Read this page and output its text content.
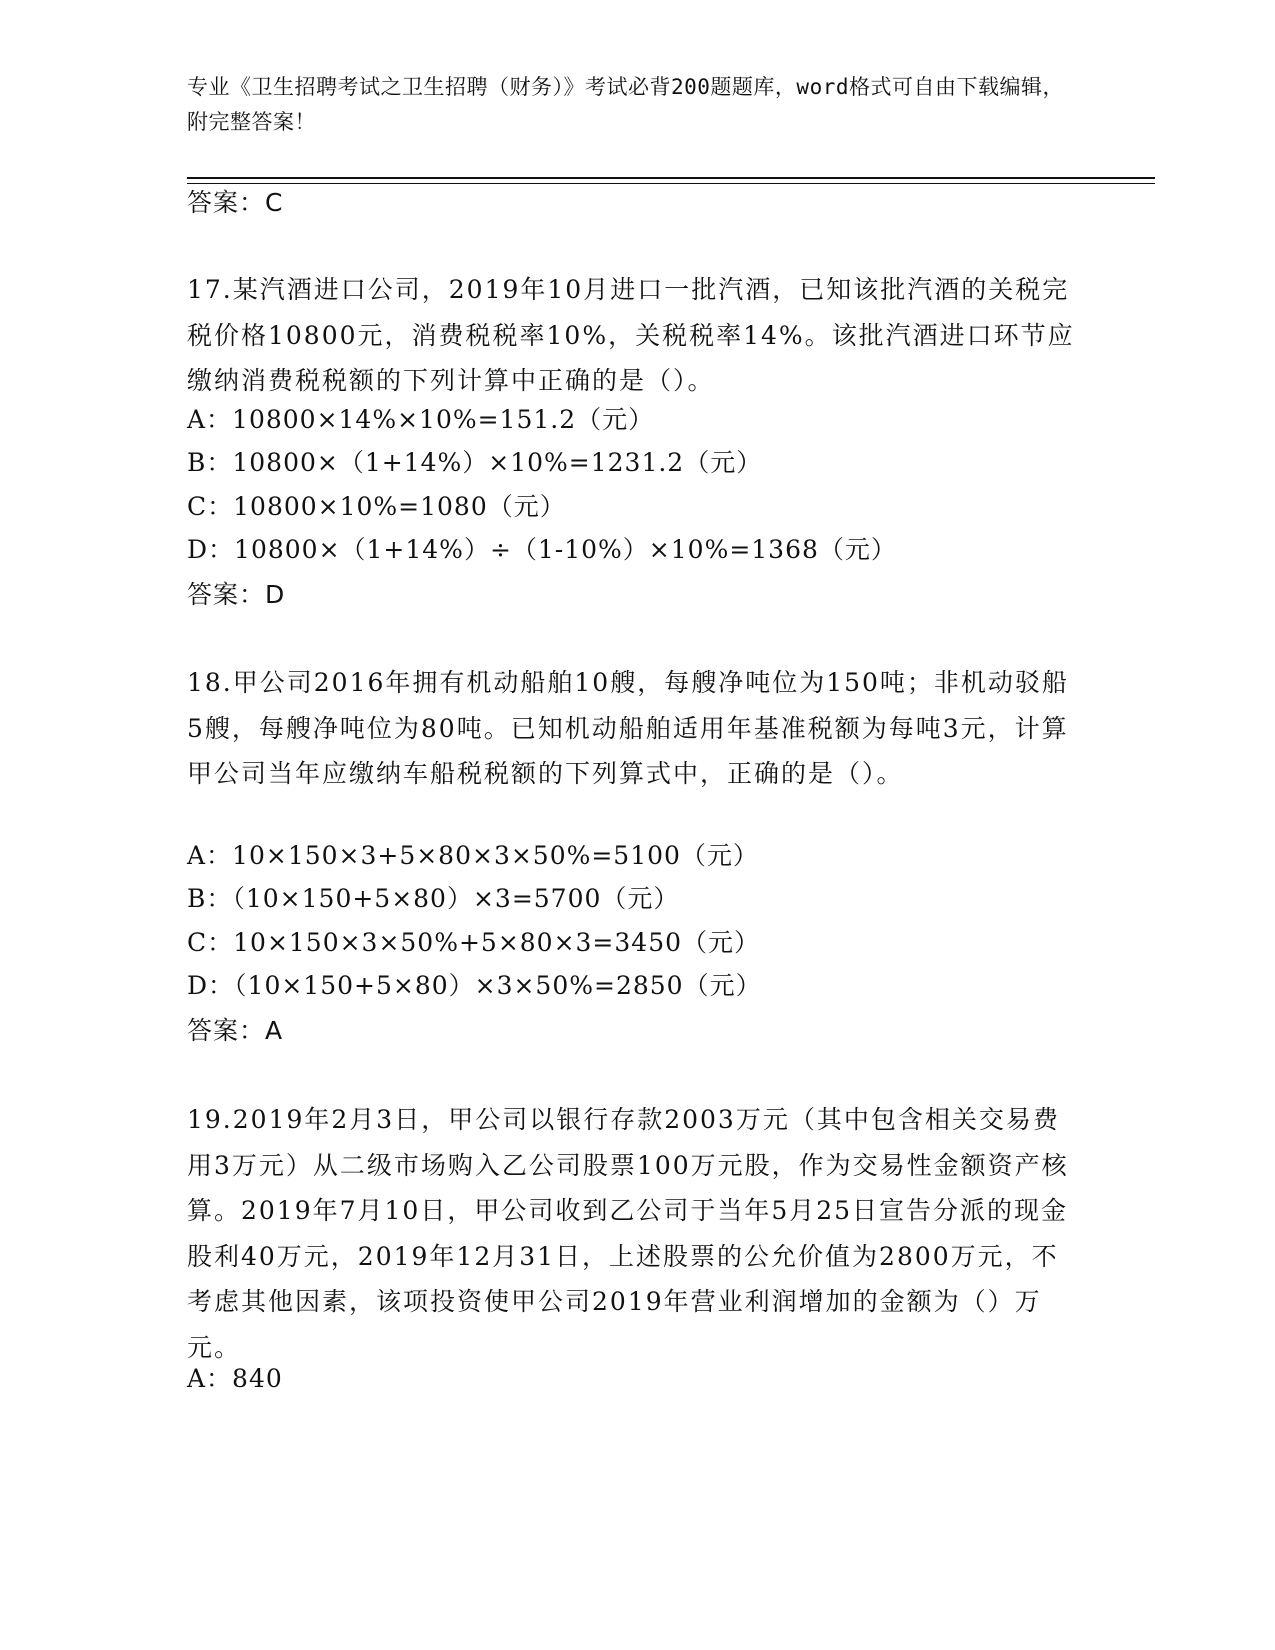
专业《卫生招聘考试之卫生招聘（财务）》考试必背200题题库，word格式可自由下载编辑，附完整答案！
答案：C
17.某汽酒进口公司，2019年10月进口一批汽酒，已知该批汽酒的关税完税价格10800元，消费税税率10%，关税税率14%。该批汽酒进口环节应缴纳消费税税额的下列计算中正确的是（）。
A：10800×14%×10%=151.2（元）
B：10800×（1+14%）×10%=1231.2（元）
C：10800×10%=1080（元）
D：10800×（1+14%）÷（1-10%）×10%=1368（元）
答案：D
18.甲公司2016年拥有机动船舶10艘，每艘净吨位为150吨；非机动驳船5艘，每艘净吨位为80吨。已知机动船舶适用年基准税额为每吨3元，计算甲公司当年应缴纳车船税税额的下列算式中，正确的是（）。
A：10×150×3+5×80×3×50%=5100（元）
B：（10×150+5×80）×3=5700（元）
C：10×150×3×50%+5×80×3=3450（元）
D：（10×150+5×80）×3×50%=2850（元）
答案：A
19.2019年2月3日，甲公司以银行存款2003万元（其中包含相关交易费用3万元）从二级市场购入乙公司股票100万元股，作为交易性金额资产核算。2019年7月10日，甲公司收到乙公司于当年5月25日宣告分派的现金股利40万元，2019年12月31日，上述股票的公允价值为2800万元，不考虑其他因素，该项投资使甲公司2019年营业利润增加的金额为（）万元。
A：840
